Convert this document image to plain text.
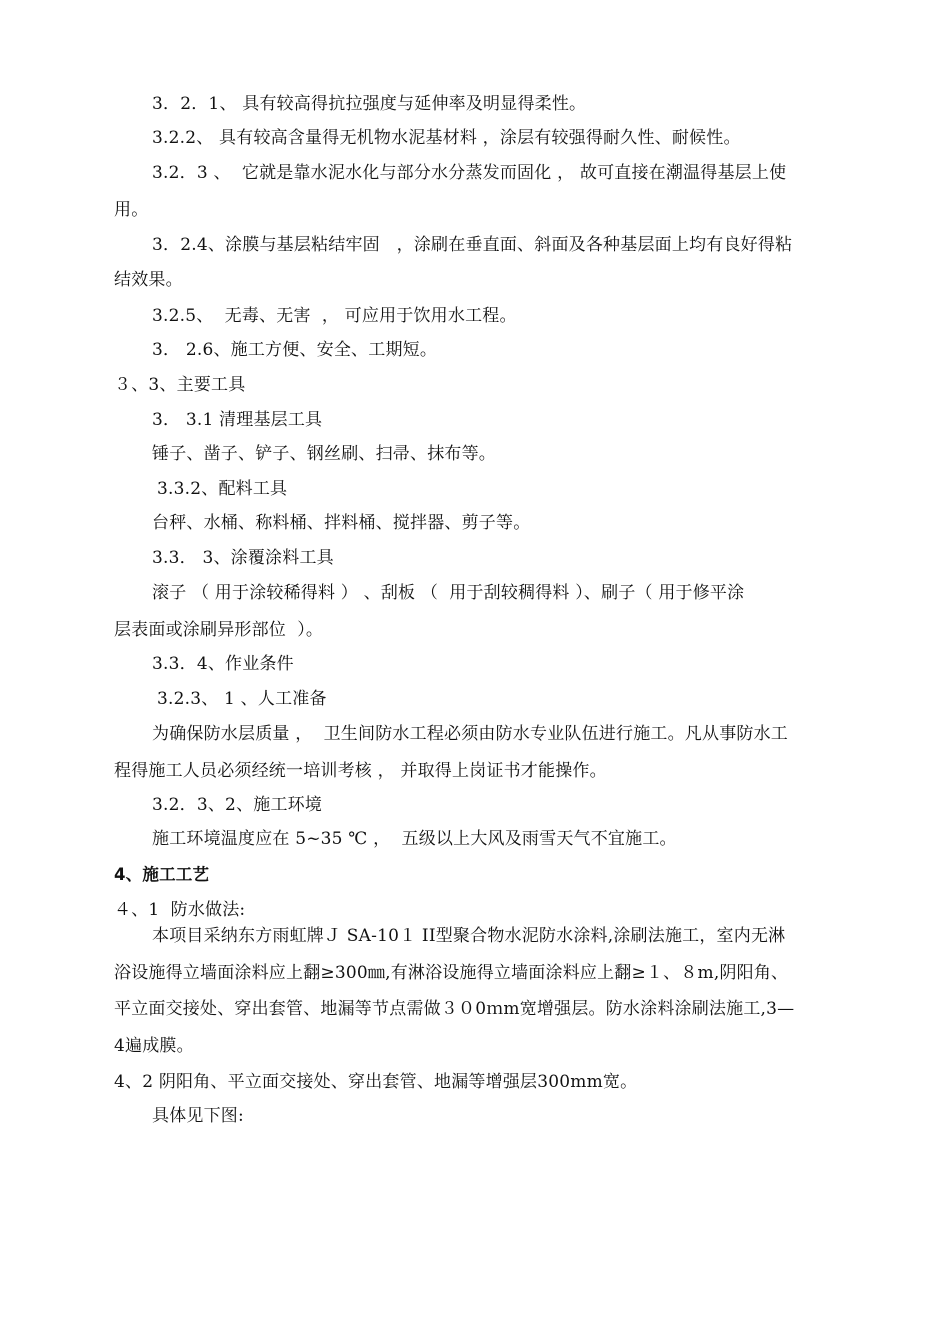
3．2．1、 具有较高得抗拉强度与延伸率及明显得柔性。
3.2.2、 具有较高含量得无机物水泥基材料 ，涂层有较强得耐久性、耐候性。
3.2．3 、  它就是靠水泥水化与部分水分蒸发而固化 ， 故可直接在潮温得基层上使
用。
3．2.4、涂膜与基层粘结牢固   ，涂刷在垂直面、斜面及各种基层面上均有良好得粘
结效果。
3.2.5、  无毒、无害  ， 可应用于饮用水工程。
3． 2.6、施工方便、安全、工期短。
３、3、主要工具
3． 3.1 清理基层工具
锤子、凿子、铲子、钢丝刷、扫帚、抹布等。
3.3.2、配料工具
台秤、水桶、称料桶、拌料桶、搅拌器、剪子等。
3.3． 3、涂覆涂料工具
滚子 （ 用于涂较稀得料 ） 、刮板 （  用于刮较稠得料 ）、刷子（ 用于修平涂
层表面或涂刷异形部位  ）。
3.3．4、作业条件
3.2.3、 1 、人工准备
为确保防水层质量 ，  卫生间防水工程必须由防水专业队伍进行施工。凡从事防水工
程得施工人员必须经统一培训考核 ， 并取得上岗证书才能操作。
3.2．3、2、施工环境
施工环境温度应在 5~35 ℃ ，  五级以上大风及雨雪天气不宜施工。
4、施工工艺
４、1  防水做法:
本项目采纳东方雨虹牌Ｊ SA-10１ II型聚合物水泥防水涂料,涂刷法施工，室内无淋
浴设施得立墙面涂料应上翻≥300㎜,有淋浴设施得立墙面涂料应上翻≥１、８m,阴阳角、
平立面交接处、穿出套管、地漏等节点需做３０0ｍm宽增强层。防水涂料涂刷法施工,3—
4遍成膜。
4、2 阴阳角、平立面交接处、穿出套管、地漏等增强层300mm宽。
具体见下图:
